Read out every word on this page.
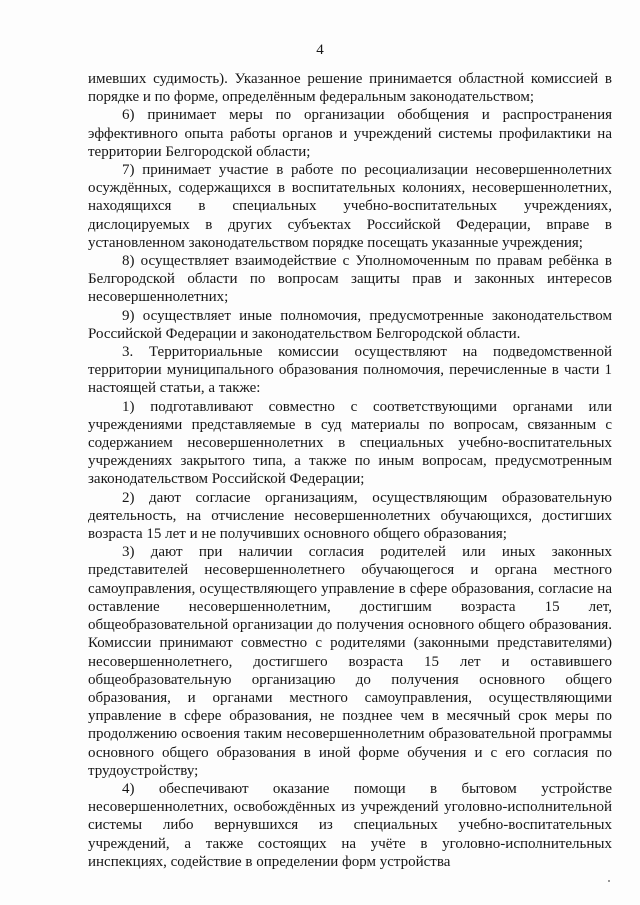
4

имевших судимость). Указанное решение принимается областной комиссией в порядке и по форме, определённым федеральным законодательством;

6) принимает меры по организации обобщения и распространения эффективного опыта работы органов и учреждений системы профилактики на территории Белгородской области;

7) принимает участие в работе по ресоциализации несовершеннолетних осуждённых, содержащихся в воспитательных колониях, несовершеннолетних, находящихся в специальных учебно-воспитательных учреждениях, дислоцируемых в других субъектах Российской Федерации, вправе в установленном законодательством порядке посещать указанные учреждения;

8) осуществляет взаимодействие с Уполномоченным по правам ребёнка в Белгородской области по вопросам защиты прав и законных интересов несовершеннолетних;

9) осуществляет иные полномочия, предусмотренные законодательством Российской Федерации и законодательством Белгородской области.

3. Территориальные комиссии осуществляют на подведомственной территории муниципального образования полномочия, перечисленные в части 1 настоящей статьи, а также:

1) подготавливают совместно с соответствующими органами или учреждениями представляемые в суд материалы по вопросам, связанным с содержанием несовершеннолетних в специальных учебно-воспитательных учреждениях закрытого типа, а также по иным вопросам, предусмотренным законодательством Российской Федерации;

2) дают согласие организациям, осуществляющим образовательную деятельность, на отчисление несовершеннолетних обучающихся, достигших возраста 15 лет и не получивших основного общего образования;

3) дают при наличии согласия родителей или иных законных представителей несовершеннолетнего обучающегося и органа местного самоуправления, осуществляющего управление в сфере образования, согласие на оставление несовершеннолетним, достигшим возраста 15 лет, общеобразовательной организации до получения основного общего образования. Комиссии принимают совместно с родителями (законными представителями) несовершеннолетнего, достигшего возраста 15 лет и оставившего общеобразовательную организацию до получения основного общего образования, и органами местного самоуправления, осуществляющими управление в сфере образования, не позднее чем в месячный срок меры по продолжению освоения таким несовершеннолетним образовательной программы основного общего образования в иной форме обучения и с его согласия по трудоустройству;

4) обеспечивают оказание помощи в бытовом устройстве несовершеннолетних, освобождённых из учреждений уголовно-исполнительной системы либо вернувшихся из специальных учебно-воспитательных учреждений, а также состоящих на учёте в уголовно-исполнительных инспекциях, содействие в определении форм устройства
